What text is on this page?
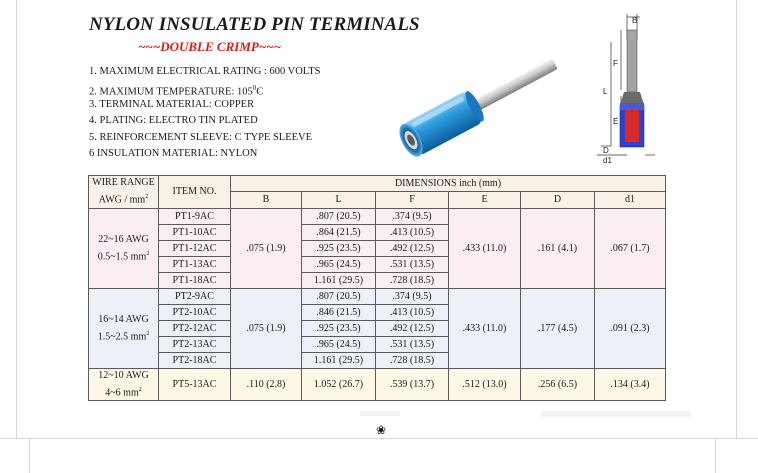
NYLON INSULATED PIN TERMINALS
~~~DOUBLE CRIMP~~~
1. MAXIMUM ELECTRICAL RATING : 600 VOLTS
2. MAXIMUM TEMPERATURE: $105^0C$
3. TERMINAL MATERIAL: COPPER
4. PLATING: ELECTRO TIN PLATED
5. REINFORCEMENT SLEEVE: C TYPE SLEEVE
6 INSULATION MATERIAL: NYLON
B
F
L
E
D
d1
WIRE RANGE
AWG / $mm^2$	ITEM NO.	DIMENSIONS inch (mm)					
		B	L	F	E	D	d1
22~16 AWG
0.5~1.5 $mm^2$	PT1-9AC	.075 (1.9)	.807 (20.5)	.374 (9.5)	.433 (11.0)	.161 (4.1)	.067 (1.7)
	PT1-10AC		.864 (21.5)	.413 (10.5)			
	PT1-12AC		.925 (23.5)	.492 (12.5)			
	PT1-13AC		.965 (24.5)	.531 (13.5)			
	PT1-18AC		1.161 (29.5)	.728 (18.5)			
16~14 AWG
1.5~2.5 $mm^2$	PT2-9AC	.075 (1.9)	.807 (20.5)	.374 (9.5)	.433 (11.0)	.177 (4.5)	.091 (2.3)
	PT2-10AC		.846 (21.5)	.413 (10.5)			
	PT2-12AC		.925 (23.5)	.492 (12.5)			
	PT2-13AC		.965 (24.5)	.531 (13.5)			
	PT2-18AC		1.161 (29.5)	.728 (18.5)			
12~10 AWG
4~6 $mm^2$	PT5-13AC	.110 (2.8)	1.052 (26.7)	.539 (13.7)	.512 (13.0)	.256 (6.5)	.134 (3.4)
❀
